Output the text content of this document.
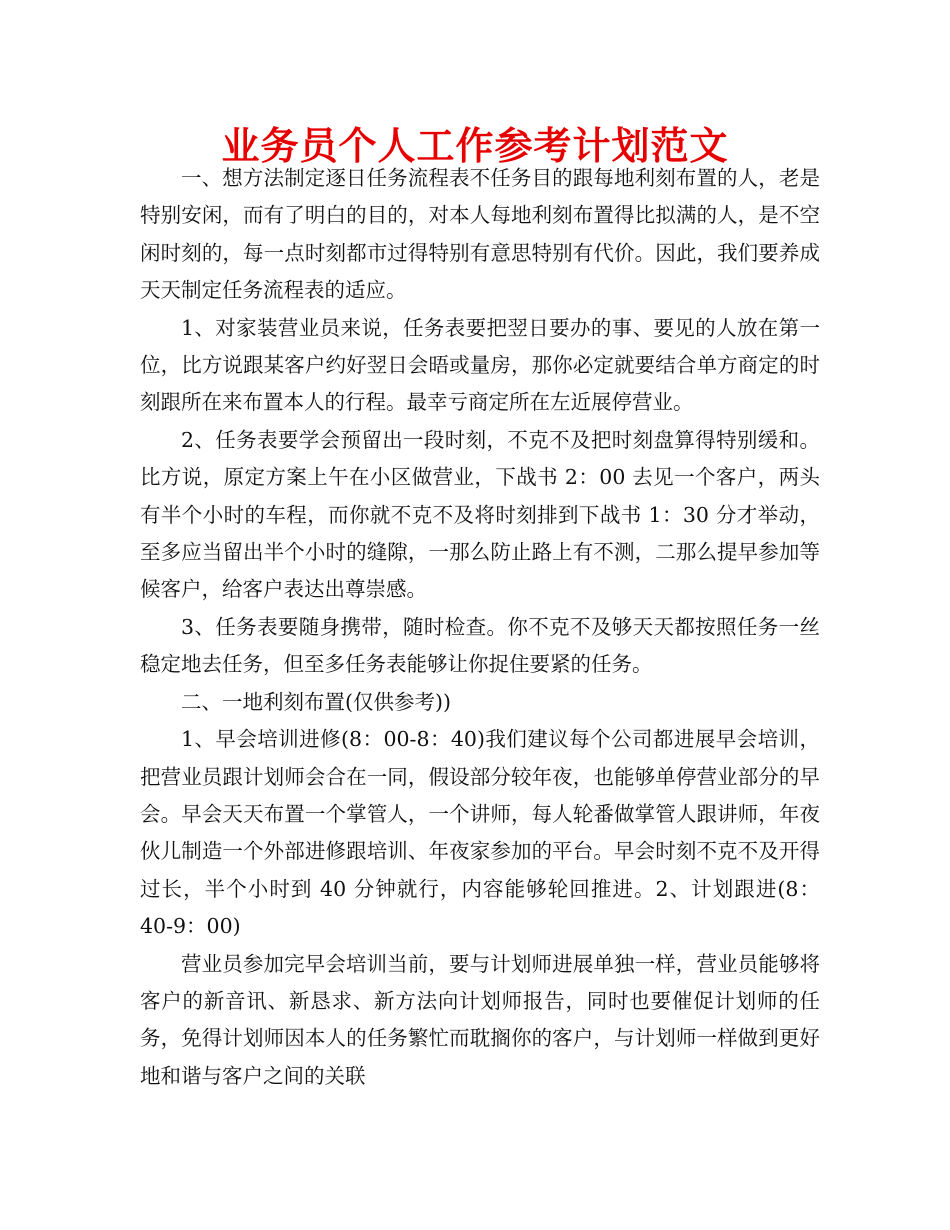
业务员个人工作参考计划范文

一、想方法制定逐日任务流程表不任务目的跟每地利刻布置的人，老是特别安闲，而有了明白的目的，对本人每地利刻布置得比拟满的人，是不空闲时刻的，每一点时刻都市过得特别有意思特别有代价。因此，我们要养成天天制定任务流程表的适应。

1、对家装营业员来说，任务表要把翌日要办的事、要见的人放在第一位，比方说跟某客户约好翌日会晤或量房，那你必定就要结合单方商定的时刻跟所在来布置本人的行程。最幸亏商定所在左近展停营业。

2、任务表要学会预留出一段时刻，不克不及把时刻盘算得特别缓和。比方说，原定方案上午在小区做营业，下战书 2：00 去见一个客户，两头有半个小时的车程，而你就不克不及将时刻排到下战书 1：30 分才举动，至多应当留出半个小时的缝隙，一那么防止路上有不测，二那么提早参加等候客户，给客户表达出尊崇感。

3、任务表要随身携带，随时检查。你不克不及够天天都按照任务一丝稳定地去任务，但至多任务表能够让你捉住要紧的任务。

二、一地利刻布置(仅供参考))

1、早会培训进修(8：00-8：40)我们建议每个公司都进展早会培训，把营业员跟计划师会合在一同，假设部分较年夜，也能够单停营业部分的早会。早会天天布置一个掌管人，一个讲师，每人轮番做掌管人跟讲师，年夜伙儿制造一个外部进修跟培训、年夜家参加的平台。早会时刻不克不及开得过长，半个小时到 40 分钟就行，内容能够轮回推进。2、计划跟进(8：40-9：00)

营业员参加完早会培训当前，要与计划师进展单独一样，营业员能够将客户的新音讯、新恳求、新方法向计划师报告，同时也要催促计划师的任务，免得计划师因本人的任务繁忙而耽搁你的客户，与计划师一样做到更好地和谐与客户之间的关联
